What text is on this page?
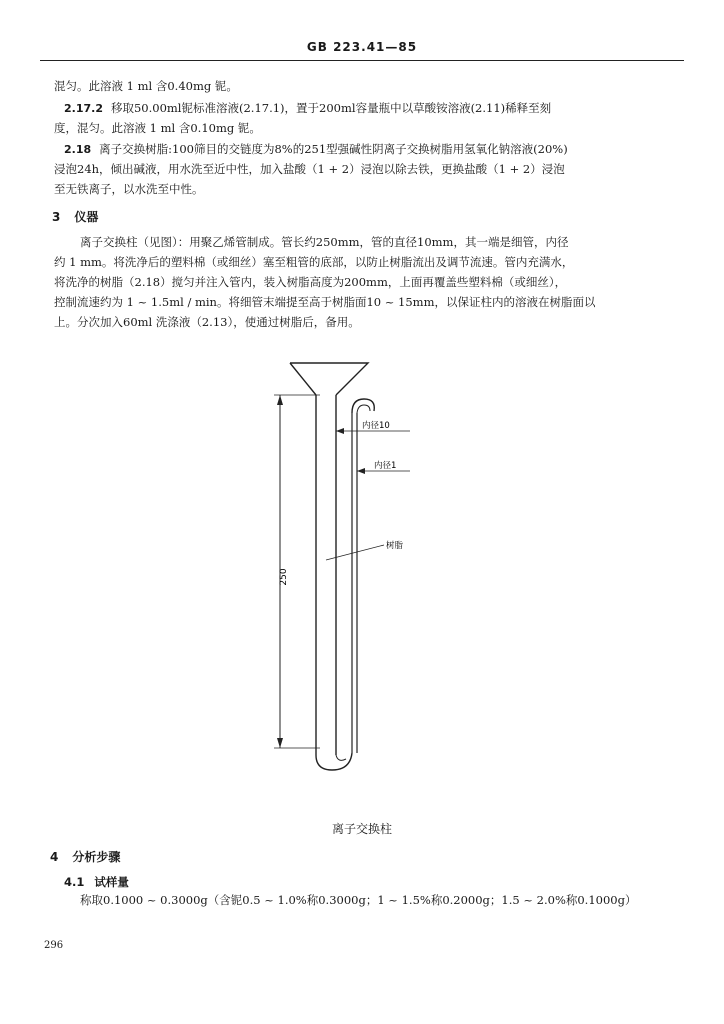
GB 223.41—85
混匀。此溶液 1 ml 含0.40mg 铌。
2.17.2 移取50.00ml铌标准溶液(2.17.1)，置于200ml容量瓶中以草酸铵溶液(2.11)稀释至刻
度，混匀。此溶液 1 ml 含0.10mg 铌。
2.18 离子交换树脂:100筛目的交链度为8%的251型强碱性阴离子交换树脂用氢氧化钠溶液(20%)
浸泡24h，倾出碱液，用水洗至近中性，加入盐酸（1 + 2）浸泡以除去铁，更换盐酸（1 + 2）浸泡
至无铁离子，以水洗至中性。
3 仪器
离子交换柱（见图）：用聚乙烯管制成。管长约250mm，管的直径10mm，其一端是细管，内径
约 1 mm。将洗净后的塑料棉（或细丝）塞至粗管的底部，以防止树脂流出及调节流速。管内充满水，
将洗净的树脂（2.18）搅匀并注入管内，装入树脂高度为200mm，上面再覆盖些塑料棉（或细丝），
控制流速约为 1 ~ 1.5ml / min。将细管末端提至高于树脂面10 ~ 15mm，以保证柱内的溶液在树脂面以
上。分次加入60ml 洗涤液（2.13），使通过树脂后，备用。
250
内径10
内径1
树脂
离子交换柱
4 分析步骤
4.1 试样量
称取0.1000 ~ 0.3000g（含铌0.5 ~ 1.0%称0.3000g；1 ~ 1.5%称0.2000g；1.5 ~ 2.0%称0.1000g）
296
